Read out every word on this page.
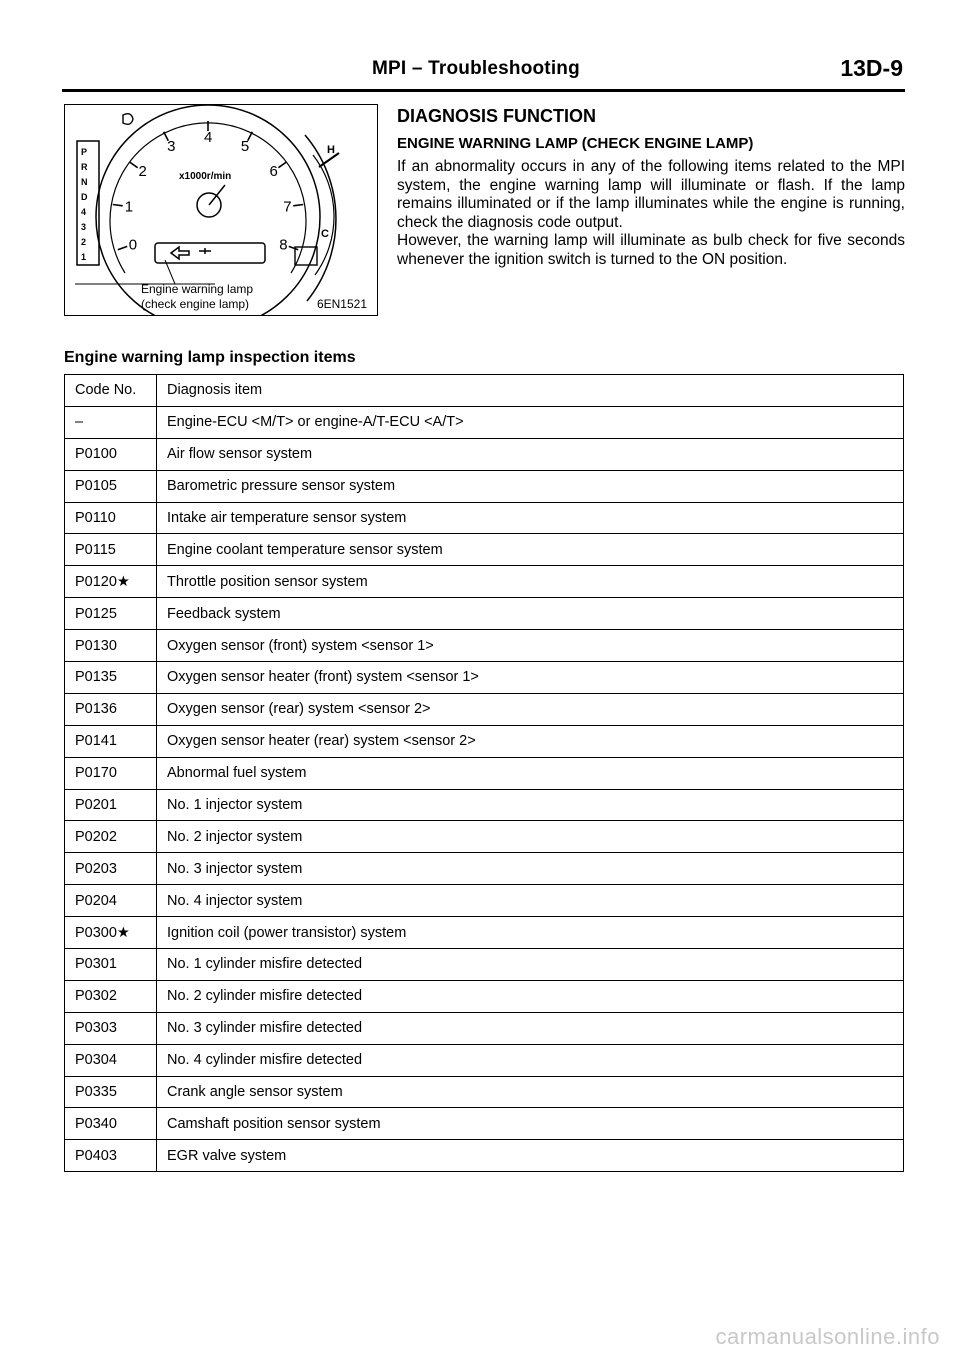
MPI – Troubleshooting	13D-9
P
R
N
D
4
3
2
1
0
1
2
3
4
5
6
7
8
x1000r/min
H
C
Engine warning lamp
(check engine lamp)	6EN1521
DIAGNOSIS FUNCTION
ENGINE WARNING LAMP (CHECK ENGINE LAMP)

If an abnormality occurs in any of the following items related to the MPI system, the engine warning lamp will illuminate or flash. If the lamp remains illuminated or if the lamp illuminates while the engine is running, check the diagnosis code output.

However, the warning lamp will illuminate as bulb check for five seconds whenever the ignition switch is turned to the ON position.

Engine warning lamp inspection items
Code No.	Diagnosis item
–	Engine-ECU <M/T> or engine-A/T-ECU <A/T>
P0100	Air flow sensor system
P0105	Barometric pressure sensor system
P0110	Intake air temperature sensor system
P0115	Engine coolant temperature sensor system
P0120★	Throttle position sensor system
P0125	Feedback system
P0130	Oxygen sensor (front) system <sensor 1>
P0135	Oxygen sensor heater (front) system <sensor 1>
P0136	Oxygen sensor (rear) system <sensor 2>
P0141	Oxygen sensor heater (rear) system <sensor 2>
P0170	Abnormal fuel system
P0201	No. 1 injector system
P0202	No. 2 injector system
P0203	No. 3 injector system
P0204	No. 4 injector system
P0300★	Ignition coil (power transistor) system
P0301	No. 1 cylinder misfire detected
P0302	No. 2 cylinder misfire detected
P0303	No. 3 cylinder misfire detected
P0304	No. 4 cylinder misfire detected
P0335	Crank angle sensor system
P0340	Camshaft position sensor system
P0403	EGR valve system
carmanualsonline.info
